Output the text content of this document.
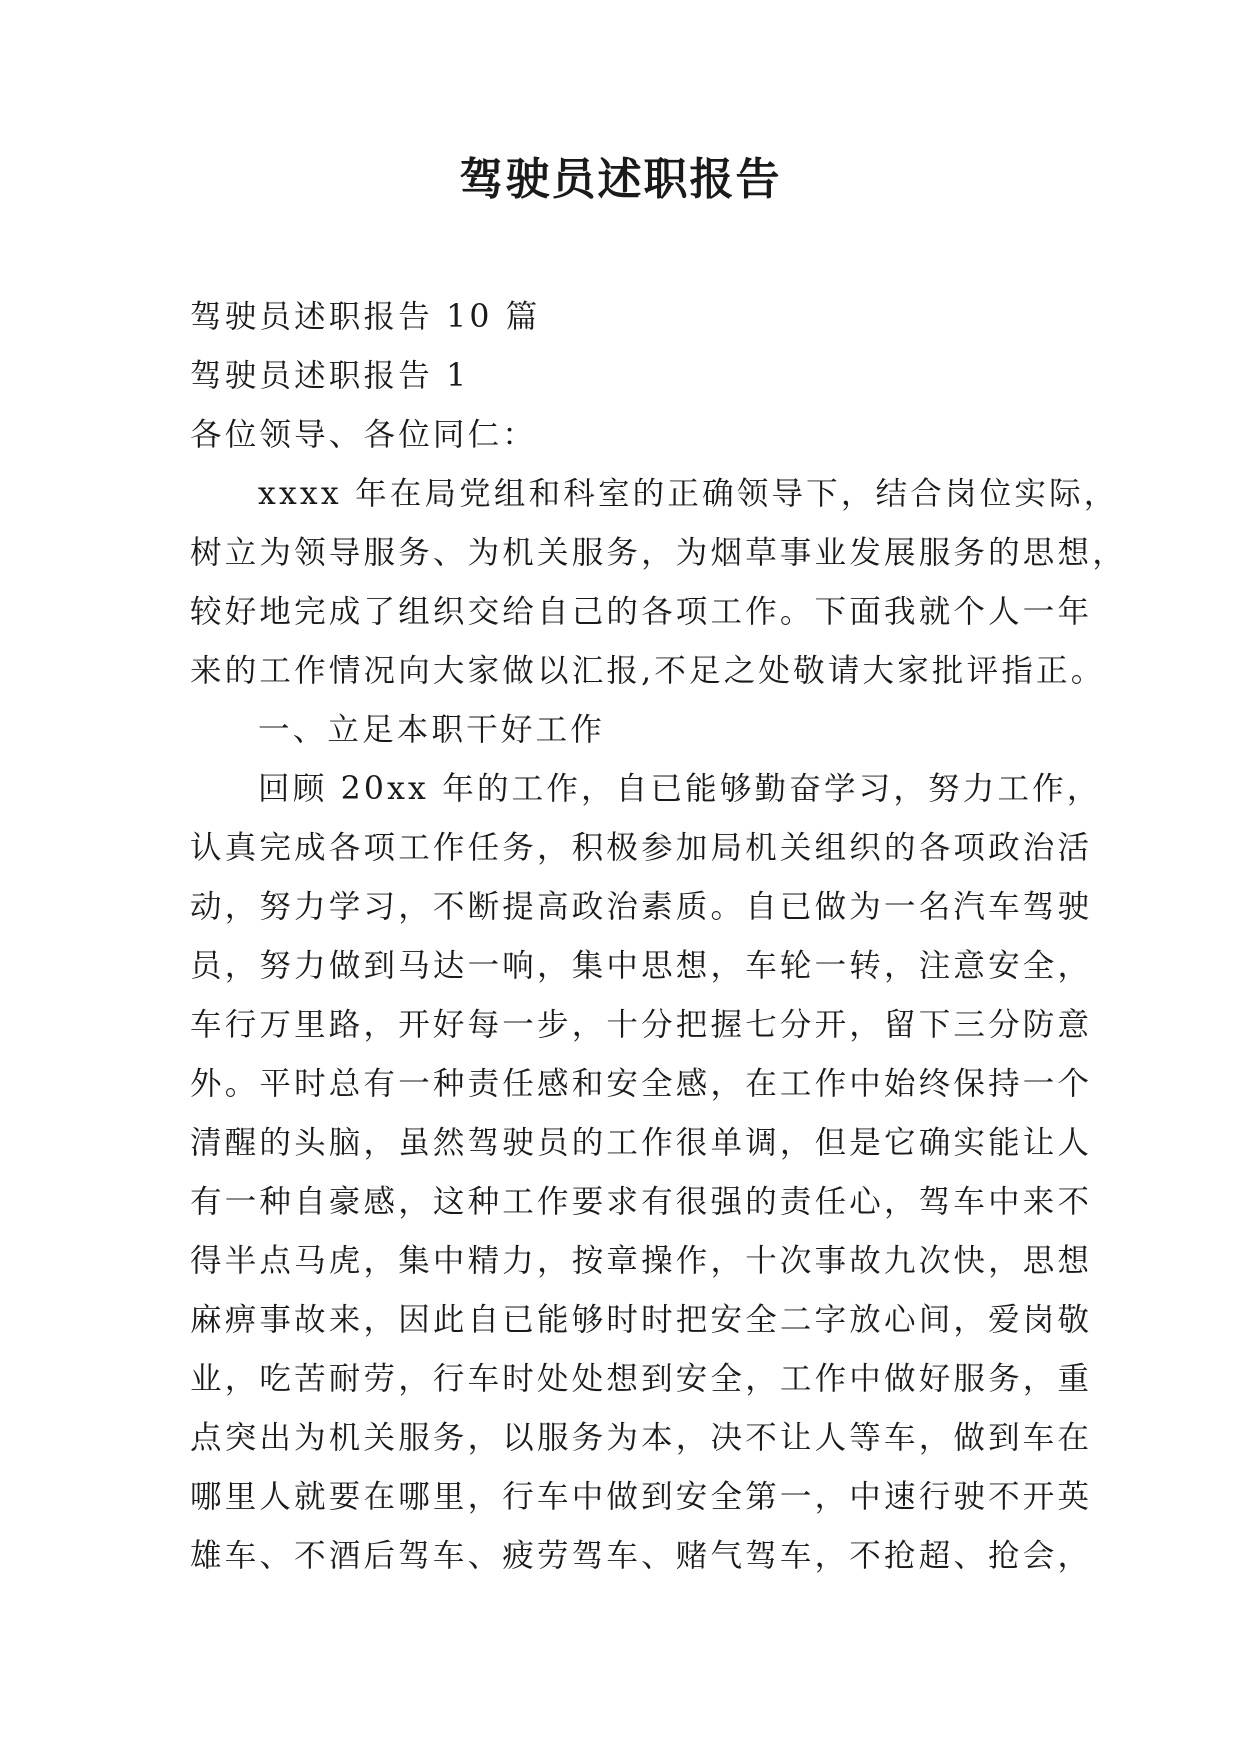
驾驶员述职报告
驾驶员述职报告 10 篇
驾驶员述职报告 1
各位领导、各位同仁：
xxxx 年在局党组和科室的正确领导下，结合岗位实际，
树立为领导服务、为机关服务，为烟草事业发展服务的思想，
较好地完成了组织交给自己的各项工作。下面我就个人一年
来的工作情况向大家做以汇报,不足之处敬请大家批评指正。
一、立足本职干好工作
回顾 20xx 年的工作，自已能够勤奋学习，努力工作，
认真完成各项工作任务，积极参加局机关组织的各项政治活
动，努力学习，不断提高政治素质。自已做为一名汽车驾驶
员，努力做到马达一响，集中思想，车轮一转，注意安全，
车行万里路，开好每一步，十分把握七分开，留下三分防意
外。平时总有一种责任感和安全感，在工作中始终保持一个
清醒的头脑，虽然驾驶员的工作很单调，但是它确实能让人
有一种自豪感，这种工作要求有很强的责任心，驾车中来不
得半点马虎，集中精力，按章操作，十次事故九次快，思想
麻痹事故来，因此自已能够时时把安全二字放心间，爱岗敬
业，吃苦耐劳，行车时处处想到安全，工作中做好服务，重
点突出为机关服务，以服务为本，决不让人等车，做到车在
哪里人就要在哪里，行车中做到安全第一，中速行驶不开英
雄车、不酒后驾车、疲劳驾车、赌气驾车，不抢超、抢会，
